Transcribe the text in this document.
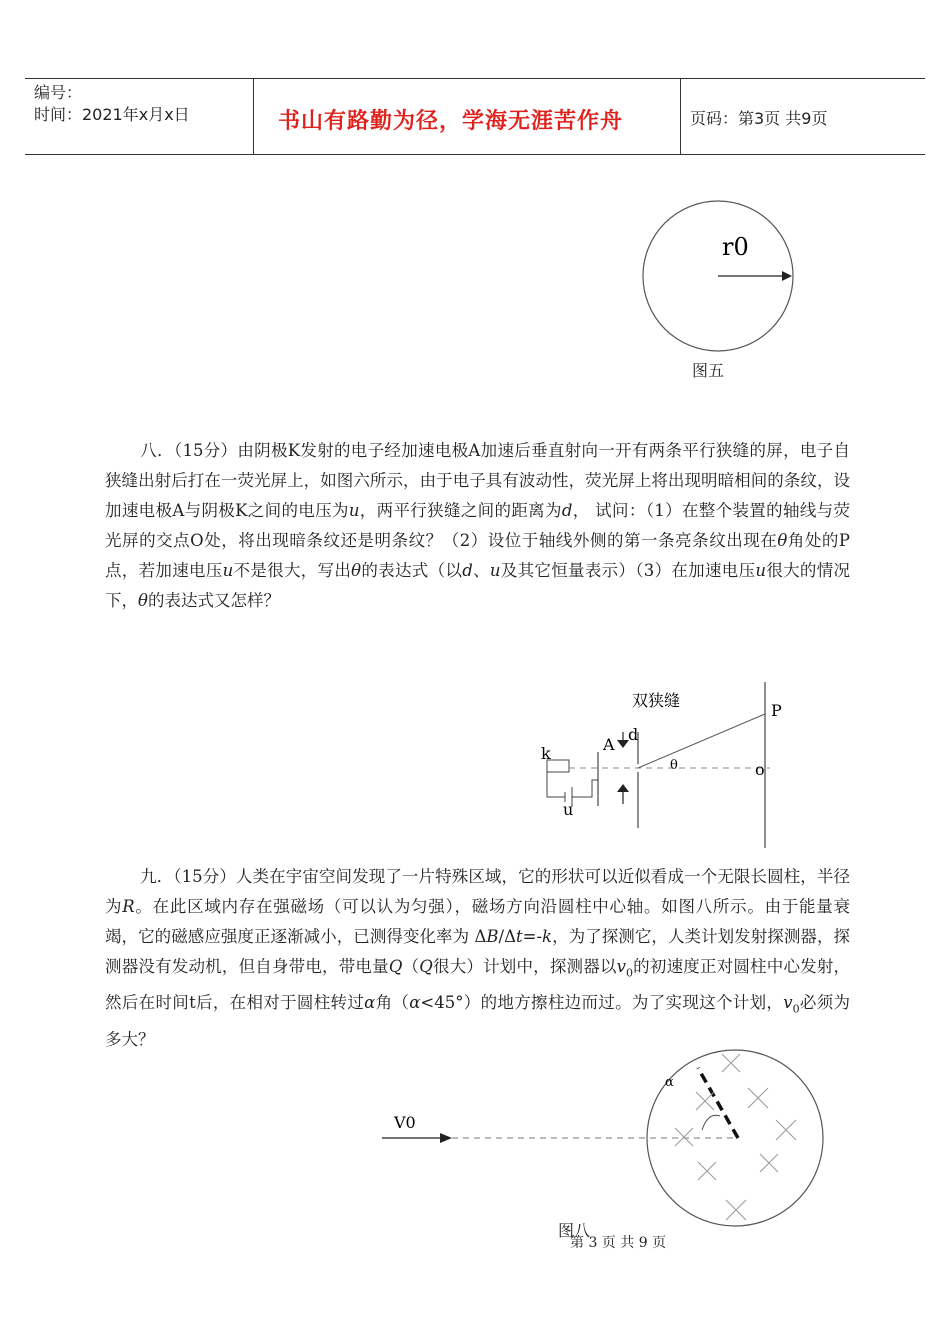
编号：
时间：2021年x月x日	书山有路勤为径，学海无涯苦作舟	页码：第3页 共9页
r0
图五

八．（15分）由阴极K发射的电子经加速电极A加速后垂直射向一开有两条平行狭缝的屏，电子自狭缝出射后打在一荧光屏上，如图六所示，由于电子具有波动性，荧光屏上将出现明暗相间的条纹，设加速电极A与阴极K之间的电压为u，两平行狭缝之间的距离为d， 试问：（1）在整个装置的轴线与荧光屏的交点O处，将出现暗条纹还是明条纹？（2）设位于轴线外侧的第一条亮条纹出现在θ角处的P点，若加速电压u不是很大，写出θ的表达式（以d、u及其它恒量表示）（3）在加速电压u很大的情况下，θ的表达式又怎样？

双狭缝
P
k	A
d
θ	o
u

九．（15分）人类在宇宙空间发现了一片特殊区域，它的形状可以近似看成一个无限长圆柱，半径为R。在此区域内存在强磁场（可以认为匀强），磁场方向沿圆柱中心轴。如图八所示。由于能量衰竭，它的磁感应强度正逐渐减小，已测得变化率为 ΔB/Δt=-k，为了探测它，人类计划发射探测器，探测器没有发动机，但自身带电，带电量Q（Q很大）计划中，探测器以$v_0$的初速度正对圆柱中心发射，然后在时间t后，在相对于圆柱转过α角（α<45°）的地方擦柱边而过。为了实现这个计划，$v_0$必须为多大？

V0
α
图八
第 3 页 共 9 页
